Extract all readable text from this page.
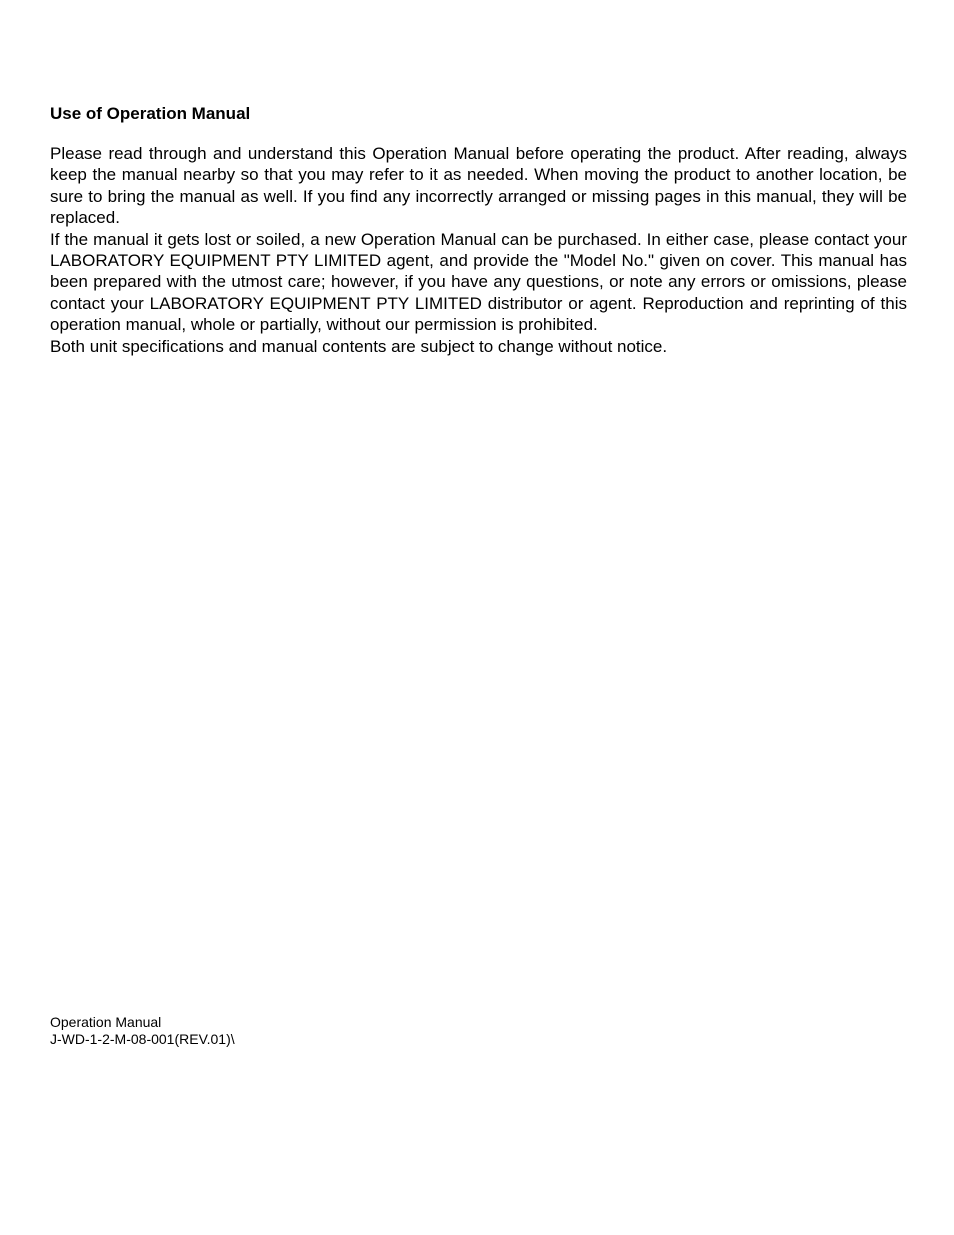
Use of Operation Manual

Please read through and understand this Operation Manual before operating the product. After reading, always keep the manual nearby so that you may refer to it as needed. When moving the product to another location, be sure to bring the manual as well. If you find any incorrectly arranged or missing pages in this manual, they will be replaced.

If the manual it gets lost or soiled, a new Operation Manual can be purchased. In either case, please contact your LABORATORY EQUIPMENT PTY LIMITED agent, and provide the "Model No." given on cover. This manual has been prepared with the utmost care; however, if you have any questions, or note any errors or omissions, please contact your LABORATORY EQUIPMENT PTY LIMITED distributor or agent. Reproduction and reprinting of this operation manual, whole or partially, without our permission is prohibited.

Both unit specifications and manual contents are subject to change without notice.

Operation Manual
J-WD-1-2-M-08-001(REV.01)\
